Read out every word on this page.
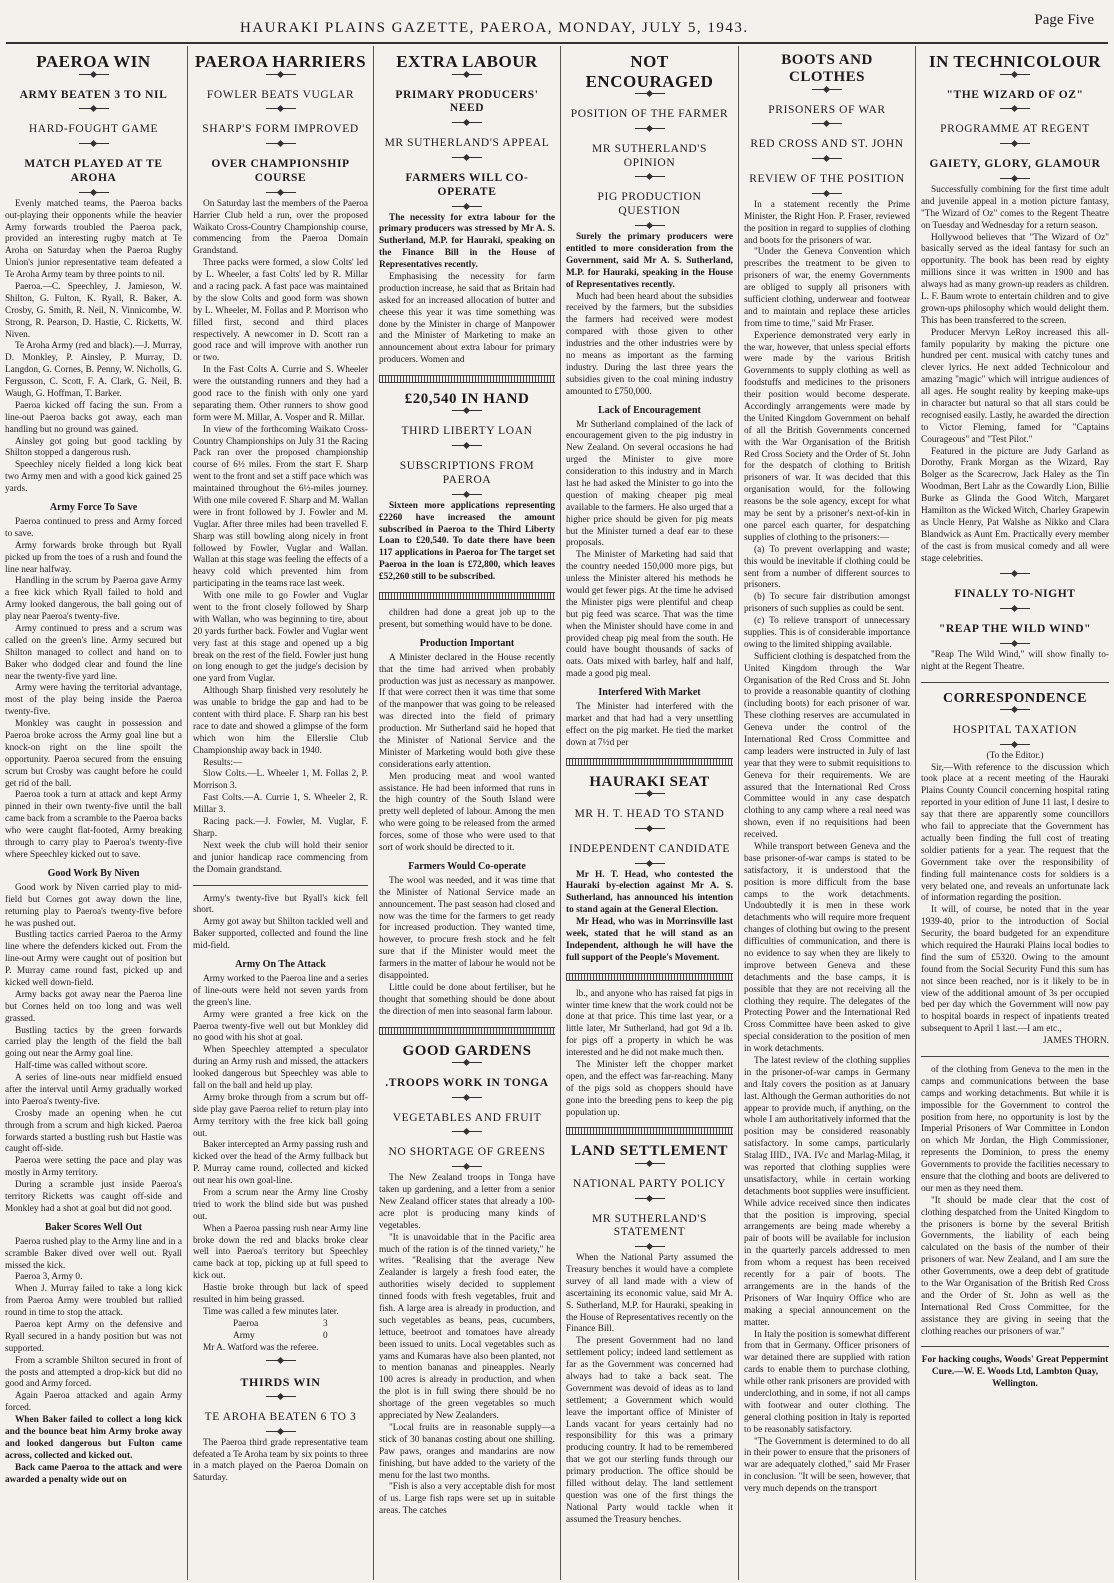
HAURAKI PLAINS GAZETTE, PAEROA, MONDAY, JULY 5, 1943.	Page Five
PAEROA WIN
ARMY BEATEN 3 TO NIL
HARD-FOUGHT GAME
MATCH PLAYED AT TE AROHA

Evenly matched teams, the Paeroa backs out-playing their opponents while the heavier Army forwards troubled the Paeroa pack, provided an interesting rugby match at Te Aroha on Saturday when the Paeroa Rugby Union's junior representative team defeated a Te Aroha Army team by three points to nil.

Paeroa.—C. Speechley, J. Jamieson, W. Shilton, G. Fulton, K. Ryall, R. Baker, A. Crosby, G. Smith, R. Neil, N. Vinnicombe, W. Strong, R. Pearson, D. Hastie, C. Ricketts, W. Niven.

Te Aroha Army (red and black).—J. Murray, D. Monkley, P. Ainsley, P. Murray, D. Langdon, G. Cornes, B. Penny, W. Nicholls, G. Fergusson, C. Scott, F. A. Clark, G. Neil, B. Waugh, G. Hoffman, T. Barker.

Paeroa kicked off facing the sun. From a line-out Paeroa backs got away, each man handling but no ground was gained.

Ainsley got going but good tackling by Shilton stopped a dangerous rush.

Speechley nicely fielded a long kick beat two Army men and with a good kick gained 25 yards.

Army Force To Save

Paeroa continued to press and Army forced to save.

Army forwards broke through but Ryall picked up from the toes of a rush and found the line near halfway.

Handling in the scrum by Paeroa gave Army a free kick which Ryall failed to hold and Army looked dangerous, the ball going out of play near Paeroa's twenty-five.

Army continued to press and a scrum was called on the green's line. Army secured but Shilton managed to collect and hand on to Baker who dodged clear and found the line near the twenty-five yard line.

Army were having the territorial advantage, most of the play being inside the Paeroa twenty-five.

Monkley was caught in possession and Paeroa broke across the Army goal line but a knock-on right on the line spoilt the opportunity. Paeroa secured from the ensuing scrum but Crosby was caught before he could get rid of the ball.

Paeroa took a turn at attack and kept Army pinned in their own twenty-five until the ball came back from a scramble to the Paeroa backs who were caught flat-footed, Army breaking through to carry play to Paeroa's twenty-five where Speechley kicked out to save.

Good Work By Niven

Good work by Niven carried play to mid-field but Cornes got away down the line, returning play to Paeroa's twenty-five before he was pushed out.

Bustling tactics carried Paeroa to the Army line where the defenders kicked out. From the line-out Army were caught out of position but P. Murray came round fast, picked up and kicked well down-field.

Army backs got away near the Paeroa line but Cornes held on too long and was well grassed.

Bustling tactics by the green forwards carried play the length of the field the ball going out near the Army goal line.

Half-time was called without score.

A series of line-outs near midfield ensued after the interval until Army gradually worked into Paeroa's twenty-five.

Crosby made an opening when he cut through from a scrum and high kicked. Paeroa forwards started a bustling rush but Hastie was caught off-side.

Paeroa were setting the pace and play was mostly in Army territory.

During a scramble just inside Paeroa's territory Ricketts was caught off-side and Monkley had a shot at goal but did not good.

Baker Scores Well Out

Paeroa rushed play to the Army line and in a scramble Baker dived over well out. Ryall missed the kick.

Paeroa 3, Army 0.

When J. Murray failed to take a long kick from Paeroa Army were troubled but rallied round in time to stop the attack.

Paeroa kept Army on the defensive and Ryall secured in a handy position but was not supported.

From a scramble Shilton secured in front of the posts and attempted a drop-kick but did no good and Army forced.

Again Paeroa attacked and again Army forced.

When Baker failed to collect a long kick and the bounce beat him Army broke away and looked dangerous but Fulton came across, collected and kicked out.

Back came Paeroa to the attack and were awarded a penalty wide out on

PAEROA HARRIERS
FOWLER BEATS VUGLAR
SHARP'S FORM IMPROVED
OVER CHAMPIONSHIP COURSE

On Saturday last the members of the Paeroa Harrier Club held a run, over the proposed Waikato Cross-Country Championship course, commencing from the Paeroa Domain Grandstand.

Three packs were formed, a slow Colts' led by L. Wheeler, a fast Colts' led by R. Millar and a racing pack. A fast pace was maintained by the slow Colts and good form was shown by L. Wheeler, M. Follas and P. Morrison who filled first, second and third places respectively. A newcomer in D. Scott ran a good race and will improve with another run or two.

In the Fast Colts A. Currie and S. Wheeler were the outstanding runners and they had a good race to the finish with only one yard separating them. Other runners to show good form were M. Millar, A. Vosper and R. Millar.

In view of the forthcoming Waikato Cross-Country Championships on July 31 the Racing Pack ran over the proposed championship course of 6½ miles. From the start F. Sharp went to the front and set a stiff pace which was maintained throughout the 6½-miles journey. With one mile covered F. Sharp and M. Wallan were in front followed by J. Fowler and M. Vuglar. After three miles had been travelled F. Sharp was still bowling along nicely in front followed by Fowler, Vuglar and Wallan. Wallan at this stage was feeling the effects of a heavy cold which prevented him from participating in the teams race last week.

With one mile to go Fowler and Vuglar went to the front closely followed by Sharp with Wallan, who was beginning to tire, about 20 yards further back. Fowler and Vuglar went very fast at this stage and opened up a big break on the rest of the field. Fowler just hung on long enough to get the judge's decision by one yard from Vuglar.

Although Sharp finished very resolutely he was unable to bridge the gap and had to be content with third place. F. Sharp ran his best race to date and showed a glimpse of the form which won him the Ellerslie Club Championship away back in 1940.

Results:—

Slow Colts.—L. Wheeler 1, M. Follas 2, P. Morrison 3.

Fast Colts.—A. Currie 1, S. Wheeler 2, R. Millar 3.

Racing pack.—J. Fowler, M. Vuglar, F. Sharp.

Next week the club will hold their senior and junior handicap race commencing from the Domain grandstand.

Army's twenty-five but Ryall's kick fell short.

Army got away but Shilton tackled well and Baker supported, collected and found the line mid-field.

Army On The Attack

Army worked to the Paeroa line and a series of line-outs were held not seven yards from the green's line.

Army were granted a free kick on the Paeroa twenty-five well out but Monkley did no good with his shot at goal.

When Speechley attempted a speculator during an Army rush and missed, the attackers looked dangerous but Speechley was able to fall on the ball and held up play.

Army broke through from a scrum but off-side play gave Paeroa relief to return play into Army territory with the free kick ball going out.

Baker intercepted an Army passing rush and kicked over the head of the Army fullback but P. Murray came round, collected and kicked out near his own goal-line.

From a scrum near the Army line Crosby tried to work the blind side but was pushed out.

When a Paeroa passing rush near Army line broke down the red and blacks broke clear well into Paeroa's territory but Speechley came back at top, picking up at full speed to kick out.

Hastie broke through but lack of speed resulted in him being grassed.

Time was called a few minutes later.

Paeroa	3

Army	0

Mr A. Watford was the referee.

THIRDS WIN
TE AROHA BEATEN 6 TO 3

The Paeroa third grade representative team defeated a Te Aroha team by six points to three in a match played on the Paeroa Domain on Saturday.

EXTRA LABOUR
PRIMARY PRODUCERS' NEED
MR SUTHERLAND'S APPEAL
FARMERS WILL CO-OPERATE

The necessity for extra labour for the primary producers was stressed by Mr A. S. Sutherland, M.P. for Hauraki, speaking on the Finance Bill in the House of Representatives recently.

Emphasising the necessity for farm production increase, he said that as Britain had asked for an increased allocation of butter and cheese this year it was time something was done by the Minister in charge of Manpower and the Minister of Marketing to make an announcement about extra labour for primary producers. Women and

£20,540 IN HAND
THIRD LIBERTY LOAN
SUBSCRIPTIONS FROM PAEROA

Sixteen more applications representing £2260 have increased the amount subscribed in Paeroa to the Third Liberty Loan to £20,540. To date there have been 117 applications in Paeroa for The target set Paeroa in the loan is £72,800, which leaves £52,260 still to be subscribed.

children had done a great job up to the present, but something would have to be done.

Production Important

A Minister declared in the House recently that the time had arrived when probably production was just as necessary as manpower. If that were correct then it was time that some of the manpower that was going to be released was directed into the field of primary production. Mr Sutherland said he hoped that the Minister of National Service and the Minister of Marketing would both give these considerations early attention.

Men producing meat and wool wanted assistance. He had been informed that runs in the high country of the South Island were pretty well depleted of labour. Among the men who were going to be released from the armed forces, some of those who were used to that sort of work should be directed to it.

Farmers Would Co-operate

The wool was needed, and it was time that the Minister of National Service made an announcement. The past season had closed and now was the time for the farmers to get ready for increased production. They wanted time, however, to procure fresh stock and he felt sure that if the Minister would meet the farmers in the matter of labour he would not be disappointed.

Little could be done about fertiliser, but he thought that something should be done about the direction of men into seasonal farm labour.

GOOD GARDENS
.TROOPS WORK IN TONGA
VEGETABLES AND FRUIT
NO SHORTAGE OF GREENS

The New Zealand troops in Tonga have taken up gardening, and a letter from a senior New Zealand officer states that already a 100-acre plot is producing many kinds of vegetables.

"It is unavoidable that in the Pacific area much of the ration is of the tinned variety," he writes. "Realising that the average New Zealander is largely a fresh food eater, the authorities wisely decided to supplement tinned foods with fresh vegetables, fruit and fish. A large area is already in production, and such vegetables as beans, peas, cucumbers, lettuce, beetroot and tomatoes have already been issued to units. Local vegetables such as yams and Kumaras have also been planted, not to mention bananas and pineapples. Nearly 100 acres is already in production, and when the plot is in full swing there should be no shortage of the green vegetables so much appreciated by New Zealanders.

"Local fruits are in reasonable supply—a stick of 30 bananas costing about one shilling. Paw paws, oranges and mandarins are now finishing, but have added to the variety of the menu for the last two months.

"Fish is also a very acceptable dish for most of us. Large fish raps were set up in suitable areas. The catches

NOT ENCOURAGED
POSITION OF THE FARMER
MR SUTHERLAND'S OPINION
PIG PRODUCTION QUESTION

Surely the primary producers were entitled to more consideration from the Government, said Mr A. S. Sutherland, M.P. for Hauraki, speaking in the House of Representatives recently.

Much had been heard about the subsidies received by the farmers, but the subsidies the farmers had received were modest compared with those given to other industries and the other industries were by no means as important as the farming industry. During the last three years the subsidies given to the coal mining industry amounted to £750,000.

Lack of Encouragement

Mr Sutherland complained of the lack of encouragement given to the pig industry in New Zealand. On several occasions he had urged the Minister to give more consideration to this industry and in March last he had asked the Minister to go into the question of making cheaper pig meal available to the farmers. He also urged that a higher price should be given for pig meats but the Minister turned a deaf ear to these proposals.

The Minister of Marketing had said that the country needed 150,000 more pigs, but unless the Minister altered his methods he would get fewer pigs. At the time he advised the Minister pigs were plentiful and cheap but pig feed was scarce. That was the time when the Minister should have come in and provided cheap pig meal from the south. He could have bought thousands of sacks of oats. Oats mixed with barley, half and half, made a good pig meal.

Interfered With Market

The Minister had interfered with the market and that had had a very unsettling effect on the pig market. He tied the market down at 7½d per

HAURAKI SEAT
MR H. T. HEAD TO STAND
INDEPENDENT CANDIDATE

Mr H. T. Head, who contested the Hauraki by-election against Mr A. S. Sutherland, has announced his intention to stand again at the General Election.

Mr Head, who was in Morrinsville last week, stated that he will stand as an Independent, although he will have the full support of the People's Movement.

lb., and anyone who has raised fat pigs in winter time knew that the work could not be done at that price. This time last year, or a little later, Mr Sutherland, had got 9d a lb. for pigs off a property in which he was interested and he did not make much then.

The Minister left the chopper market open, and the effect was far-reaching. Many of the pigs sold as choppers should have gone into the breeding pens to keep the pig population up.

LAND SETTLEMENT
NATIONAL PARTY POLICY
MR SUTHERLAND'S STATEMENT

When the National Party assumed the Treasury benches it would have a complete survey of all land made with a view of ascertaining its economic value, said Mr A. S. Sutherland, M.P. for Hauraki, speaking in the House of Representatives recently on the Finance Bill.

The present Government had no land settlement policy; indeed land settlement as far as the Government was concerned had always had to take a back seat. The Government was devoid of ideas as to land settlement; a Government which would leave the important office of Minister of Lands vacant for years certainly had no responsibility for this was a primary producing country. It had to be remembered that we got our sterling funds through our primary production. The office should be filled without delay. The land settlement question was one of the first things the National Party would tackle when it assumed the Treasury benches.

BOOTS AND CLOTHES
PRISONERS OF WAR
RED CROSS AND ST. JOHN
REVIEW OF THE POSITION

In a statement recently the Prime Minister, the Right Hon. P. Fraser, reviewed the position in regard to supplies of clothing and boots for the prisoners of war.

"Under the Geneva Convention which prescribes the treatment to be given to prisoners of war, the enemy Governments are obliged to supply all prisoners with sufficient clothing, underwear and footwear and to maintain and replace these articles from time to time," said Mr Fraser.

Experience demonstrated very early in the war, however, that unless special efforts were made by the various British Governments to supply clothing as well as foodstuffs and medicines to the prisoners their position would become desperate. Accordingly arrangements were made by the United Kingdom Government on behalf of all the British Governments concerned with the War Organisation of the British Red Cross Society and the Order of St. John for the despatch of clothing to British prisoners of war. It was decided that this organisation would, for the following reasons be the sole agency, except for what may be sent by a prisoner's next-of-kin in one parcel each quarter, for despatching supplies of clothing to the prisoners:—

(a) To prevent overlapping and waste; this would be inevitable if clothing could be sent from a number of different sources to prisoners.

(b) To secure fair distribution amongst prisoners of such supplies as could be sent.

(c) To relieve transport of unnecessary supplies. This is of considerable importance owing to the limited shipping available.

Sufficient clothing is despatched from the United Kingdom through the War Organisation of the Red Cross and St. John to provide a reasonable quantity of clothing (including boots) for each prisoner of war. These clothing reserves are accumulated in Geneva under the control of the International Red Cross Committee and camp leaders were instructed in July of last year that they were to submit requisitions to Geneva for their requirements. We are assured that the International Red Cross Committee would in any case despatch clothing to any camp where a real need was shown, even if no requisitions had been received.

While transport between Geneva and the base prisoner-of-war camps is stated to be satisfactory, it is understood that the position is more difficult from the base camps to the work detachments. Undoubtedly it is men in these work detachments who will require more frequent changes of clothing but owing to the present difficulties of communication, and there is no evidence to say when they are likely to improve between Geneva and these detachments and the base camps, it is possible that they are not receiving all the clothing they require. The delegates of the Protecting Power and the International Red Cross Committee have been asked to give special consideration to the position of men in work detachments.

The latest review of the clothing supplies in the prisoner-of-war camps in Germany and Italy covers the position as at January last. Although the German authorities do not appear to provide much, if anything, on the whole I am authoritatively informed that the position may be considered reasonably satisfactory. In some camps, particularly Stalag IIID., IVA. IVc and Marlag-Milag, it was reported that clothing supplies were unsatisfactory, while in certain working detachments boot supplies were insufficient. While advice received since then indicates that the position is improving, special arrangements are being made whereby a pair of boots will be available for inclusion in the quarterly parcels addressed to men from whom a request has been received recently for a pair of boots. The arrangements are in the hands of the Prisoners of War Inquiry Office who are making a special announcement on the matter.

In Italy the position is somewhat different from that in Germany. Officer prisoners of war detained there are supplied with ration cards to enable them to purchase clothing, while other rank prisoners are provided with underclothing, and in some, if not all camps with footwear and outer clothing. The general clothing position in Italy is reported to be reasonably satisfactory.

"The Government is determined to do all in their power to ensure that the prisoners of war are adequately clothed," said Mr Fraser in conclusion. "It will be seen, however, that very much depends on the transport

IN TECHNICOLOUR
"THE WIZARD OF OZ"
PROGRAMME AT REGENT
GAIETY, GLORY, GLAMOUR

Successfully combining for the first time adult and juvenile appeal in a motion picture fantasy, "The Wizard of Oz" comes to the Regent Theatre on Tuesday and Wednesday for a return season.

Hollywood believes that "The Wizard of Oz" basically served as the ideal fantasy for such an opportunity. The book has been read by eighty millions since it was written in 1900 and has always had as many grown-up readers as children. L. F. Baum wrote to entertain children and to give grown-ups philosophy which would delight them. This has been transferred to the screen.

Producer Mervyn LeRoy increased this all-family popularity by making the picture one hundred per cent. musical with catchy tunes and clever lyrics. He next added Technicolour and amazing "magic" which will intrigue audiences of all ages. He sought reality by keeping make-ups in character but natural so that all stars could be recognised easily. Lastly, he awarded the direction to Victor Fleming, famed for "Captains Courageous" and "Test Pilot."

Featured in the picture are Judy Garland as Dorothy, Frank Morgan as the Wizard, Ray Bolger as the Scarecrow, Jack Haley as the Tin Woodman, Bert Lahr as the Cowardly Lion, Billie Burke as Glinda the Good Witch, Margaret Hamilton as the Wicked Witch, Charley Grapewin as Uncle Henry, Pat Walshe as Nikko and Clara Blandwick as Aunt Em. Practically every member of the cast is from musical comedy and all were stage celebrities.

FINALLY TO-NIGHT
"REAP THE WILD WIND"

"Reap The Wild Wind," will show finally to-night at the Regent Theatre.

CORRESPONDENCE
HOSPITAL TAXATION

(To the Editor.)

Sir,—With reference to the discussion which took place at a recent meeting of the Hauraki Plains County Council concerning hospital rating reported in your edition of June 11 last, I desire to say that there are apparently some councillors who fail to appreciate that the Government has actually been finding the full cost of treating soldier patients for a year. The request that the Government take over the responsibility of finding full maintenance costs for soldiers is a very belated one, and reveals an unfortunate lack of information regarding the position.

It will, of course, be noted that in the year 1939-40, prior to the introduction of Social Security, the board budgeted for an expenditure which required the Hauraki Plains local bodies to find the sum of £5320. Owing to the amount found from the Social Security Fund this sum has not since been reached, nor is it likely to be in view of the additional amount of 3s per occupied bed per day which the Government will now pay to hospital boards in respect of inpatients treated subsequent to April 1 last.—I am etc.,

JAMES THORN.

of the clothing from Geneva to the men in the camps and communications between the base camps and working detachments. But while it is impossible for the Government to control the position from here, no opportunity is lost by the Imperial Prisoners of War Committee in London on which Mr Jordan, the High Commissioner, represents the Dominion, to press the enemy Governments to provide the facilities necessary to ensure that the clothing and boots are delivered to our men as they need them.

"It should be made clear that the cost of clothing despatched from the United Kingdom to the prisoners is borne by the several British Governments, the liability of each being calculated on the basis of the number of their prisoners of war. New Zealand, and I am sure the other Governments, owe a deep debt of gratitude to the War Organisation of the British Red Cross and the Order of St. John as well as the International Red Cross Committee, for the assistance they are giving in seeing that the clothing reaches our prisoners of war."

For hacking coughs, Woods' Great Peppermint Cure.—W. E. Woods Ltd, Lambton Quay, Wellington.
